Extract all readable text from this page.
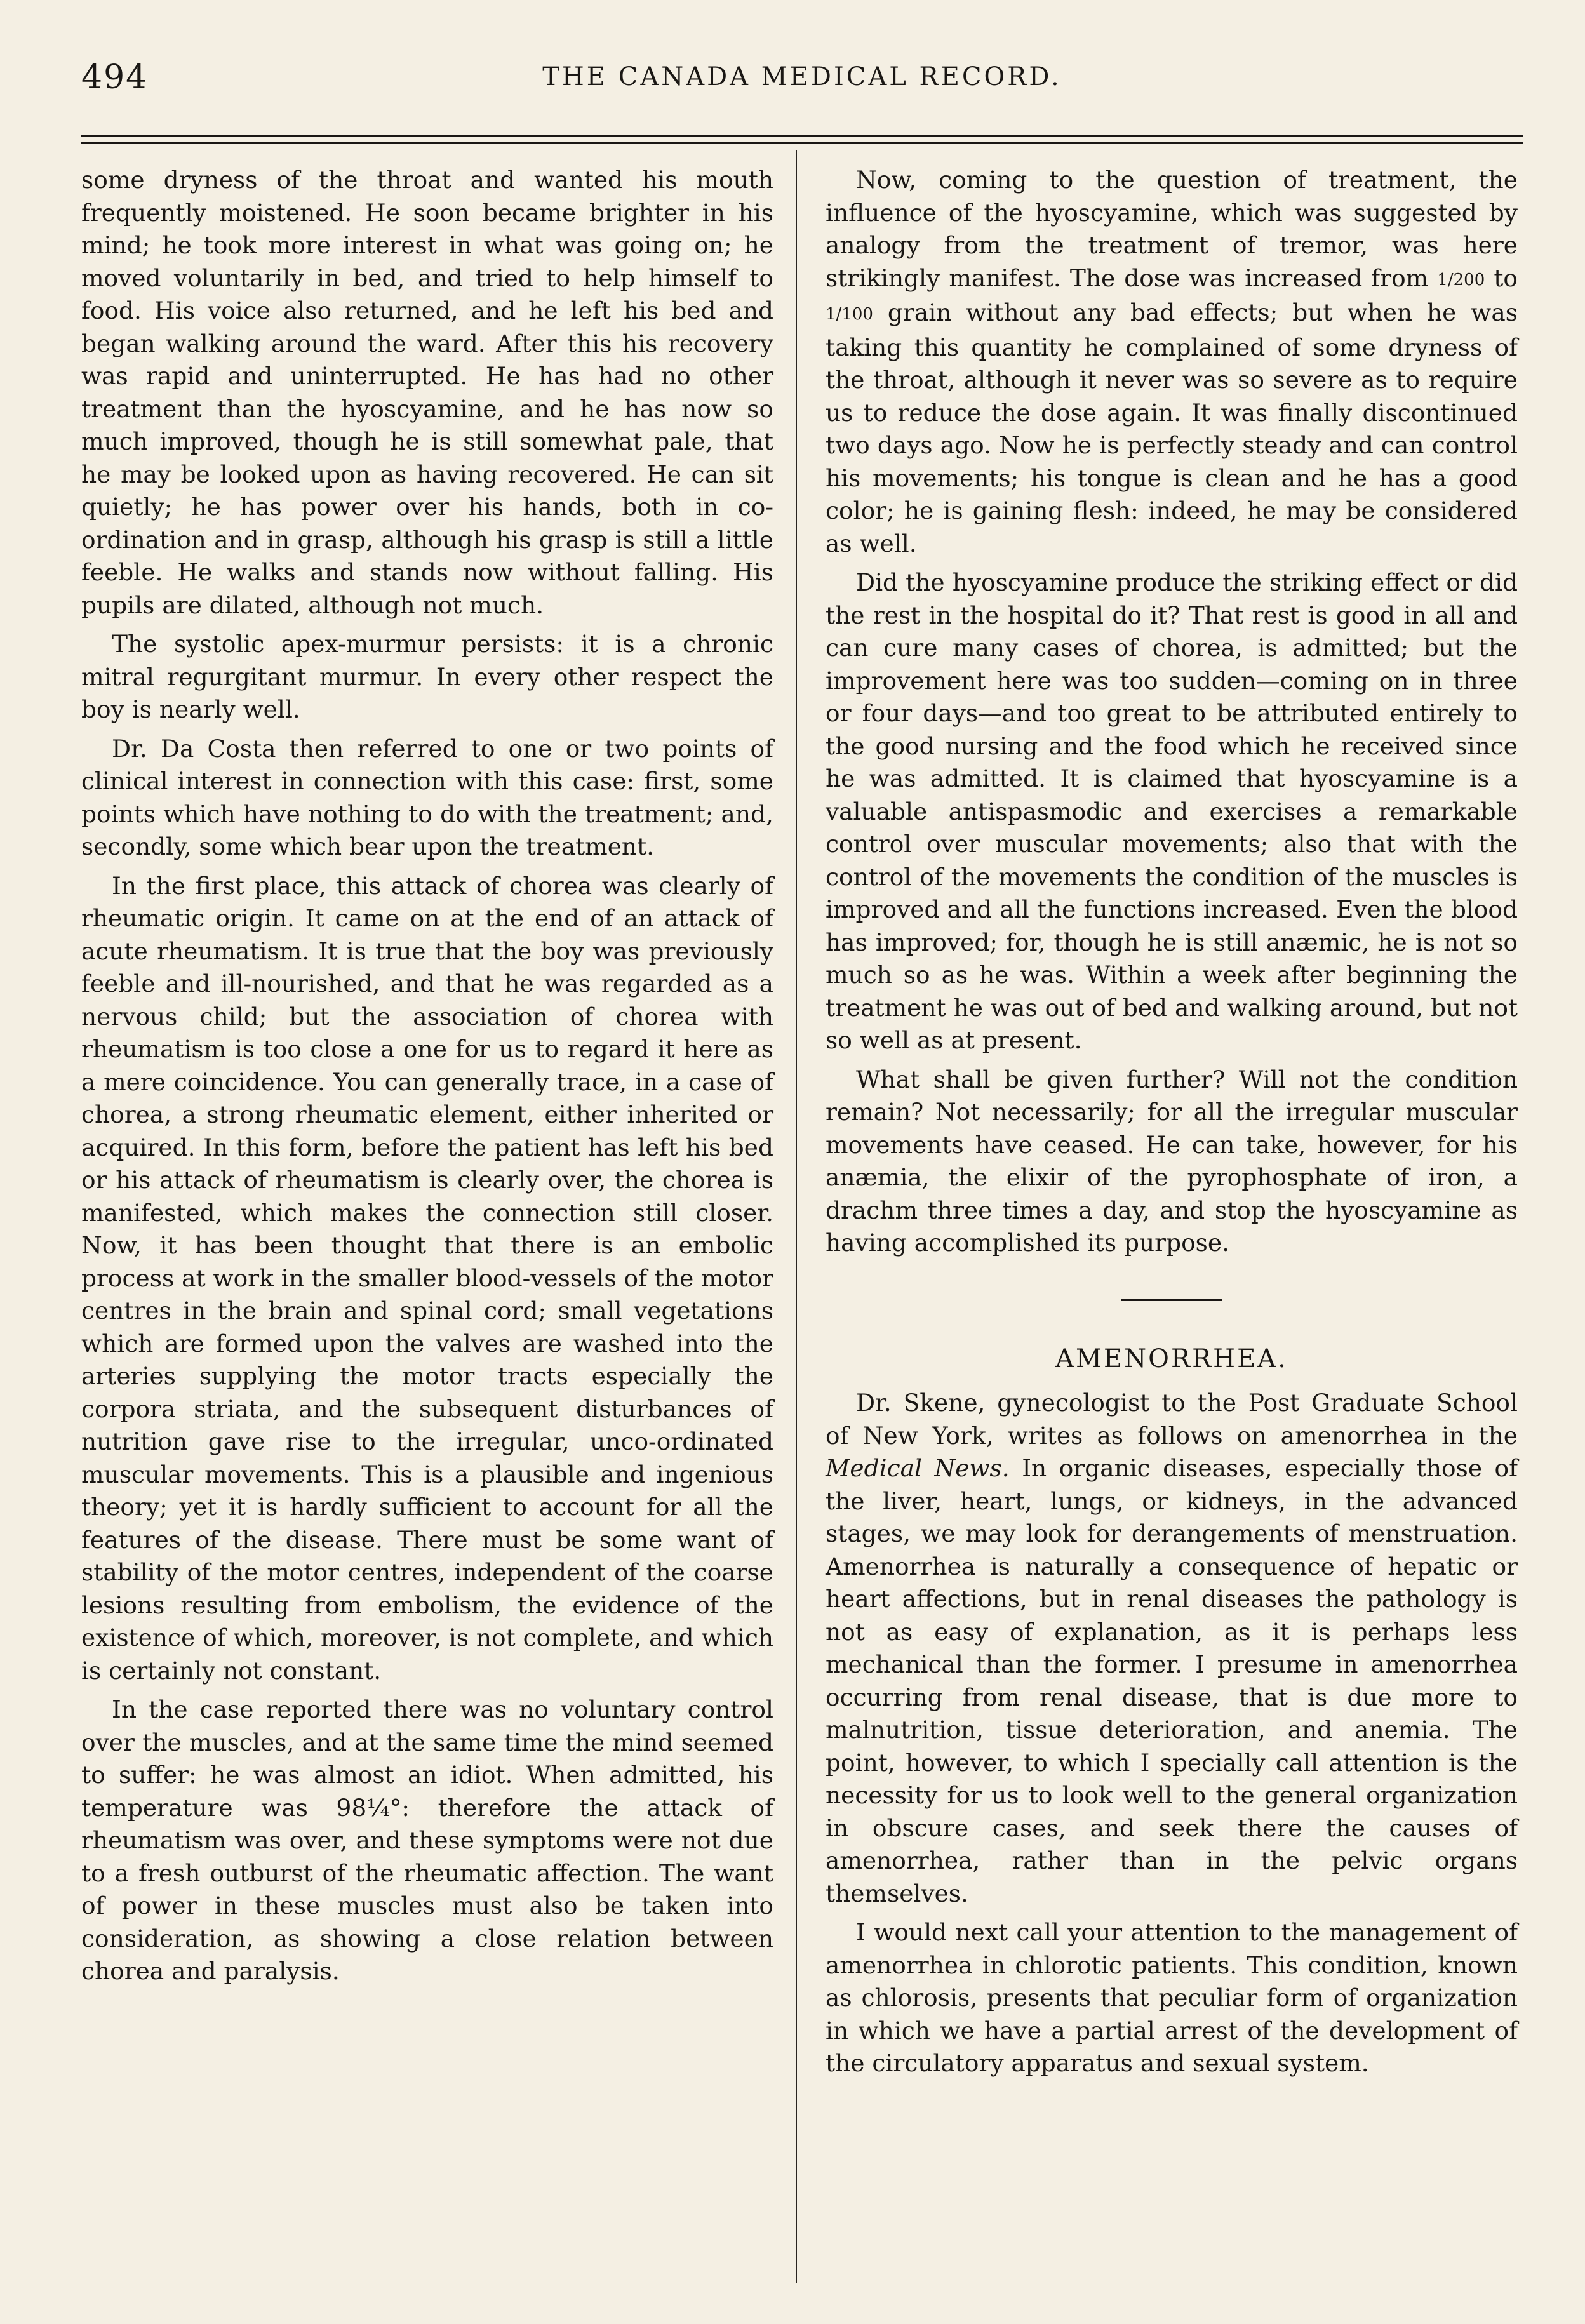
494	THE CANADA MEDICAL RECORD.

some dryness of the throat and wanted his mouth frequently moistened. He soon became brighter in his mind; he took more interest in what was going on; he moved voluntarily in bed, and tried to help himself to food. His voice also returned, and he left his bed and began walking around the ward. After this his recovery was rapid and uninterrupted. He has had no other treatment than the hyoscyamine, and he has now so much improved, though he is still somewhat pale, that he may be looked upon as having recovered. He can sit quietly; he has power over his hands, both in co-ordination and in grasp, although his grasp is still a little feeble. He walks and stands now without falling. His pupils are dilated, although not much.

The systolic apex-murmur persists: it is a chronic mitral regurgitant murmur. In every other respect the boy is nearly well.

Dr. Da Costa then referred to one or two points of clinical interest in connection with this case: first, some points which have nothing to do with the treatment; and, secondly, some which bear upon the treatment.

In the first place, this attack of chorea was clearly of rheumatic origin. It came on at the end of an attack of acute rheumatism. It is true that the boy was previously feeble and ill-nourished, and that he was regarded as a nervous child; but the association of chorea with rheumatism is too close a one for us to regard it here as a mere coincidence. You can generally trace, in a case of chorea, a strong rheumatic element, either inherited or acquired. In this form, before the patient has left his bed or his attack of rheumatism is clearly over, the chorea is manifested, which makes the connection still closer. Now, it has been thought that there is an embolic process at work in the smaller blood-vessels of the motor centres in the brain and spinal cord; small vegetations which are formed upon the valves are washed into the arteries supplying the motor tracts especially the corpora striata, and the subsequent disturbances of nutrition gave rise to the irregular, unco-ordinated muscular movements. This is a plausible and ingenious theory; yet it is hardly sufficient to account for all the features of the disease. There must be some want of stability of the motor centres, independent of the coarse lesions resulting from embolism, the evidence of the existence of which, moreover, is not complete, and which is certainly not constant.

In the case reported there was no voluntary control over the muscles, and at the same time the mind seemed to suffer: he was almost an idiot. When admitted, his temperature was 98¼°: therefore the attack of rheumatism was over, and these symptoms were not due to a fresh outburst of the rheumatic affection. The want of power in these muscles must also be taken into consideration, as showing a close relation between chorea and paralysis.

Now, coming to the question of treatment, the influence of the hyoscyamine, which was suggested by analogy from the treatment of tremor, was here strikingly manifest. The dose was increased from 1/200 to 1/100 grain without any bad effects; but when he was taking this quantity he complained of some dryness of the throat, although it never was so severe as to require us to reduce the dose again. It was finally discontinued two days ago. Now he is perfectly steady and can control his movements; his tongue is clean and he has a good color; he is gaining flesh: indeed, he may be considered as well.

Did the hyoscyamine produce the striking effect or did the rest in the hospital do it? That rest is good in all and can cure many cases of chorea, is admitted; but the improvement here was too sudden—coming on in three or four days—and too great to be attributed entirely to the good nursing and the food which he received since he was admitted. It is claimed that hyoscyamine is a valuable antispasmodic and exercises a remarkable control over muscular movements; also that with the control of the movements the condition of the muscles is improved and all the functions increased. Even the blood has improved; for, though he is still anæmic, he is not so much so as he was. Within a week after beginning the treatment he was out of bed and walking around, but not so well as at present.

What shall be given further? Will not the condition remain? Not necessarily; for all the irregular muscular movements have ceased. He can take, however, for his anæmia, the elixir of the pyrophosphate of iron, a drachm three times a day, and stop the hyoscyamine as having accomplished its purpose.

AMENORRHEA.

Dr. Skene, gynecologist to the Post Graduate School of New York, writes as follows on amenorrhea in the Medical News. In organic diseases, especially those of the liver, heart, lungs, or kidneys, in the advanced stages, we may look for derangements of menstruation. Amenorrhea is naturally a consequence of hepatic or heart affections, but in renal diseases the pathology is not as easy of explanation, as it is perhaps less mechanical than the former. I presume in amenorrhea occurring from renal disease, that is due more to malnutrition, tissue deterioration, and anemia. The point, however, to which I specially call attention is the necessity for us to look well to the general organization in obscure cases, and seek there the causes of amenorrhea, rather than in the pelvic organs themselves.

I would next call your attention to the management of amenorrhea in chlorotic patients. This condition, known as chlorosis, presents that peculiar form of organization in which we have a partial arrest of the development of the circulatory apparatus and sexual system.
